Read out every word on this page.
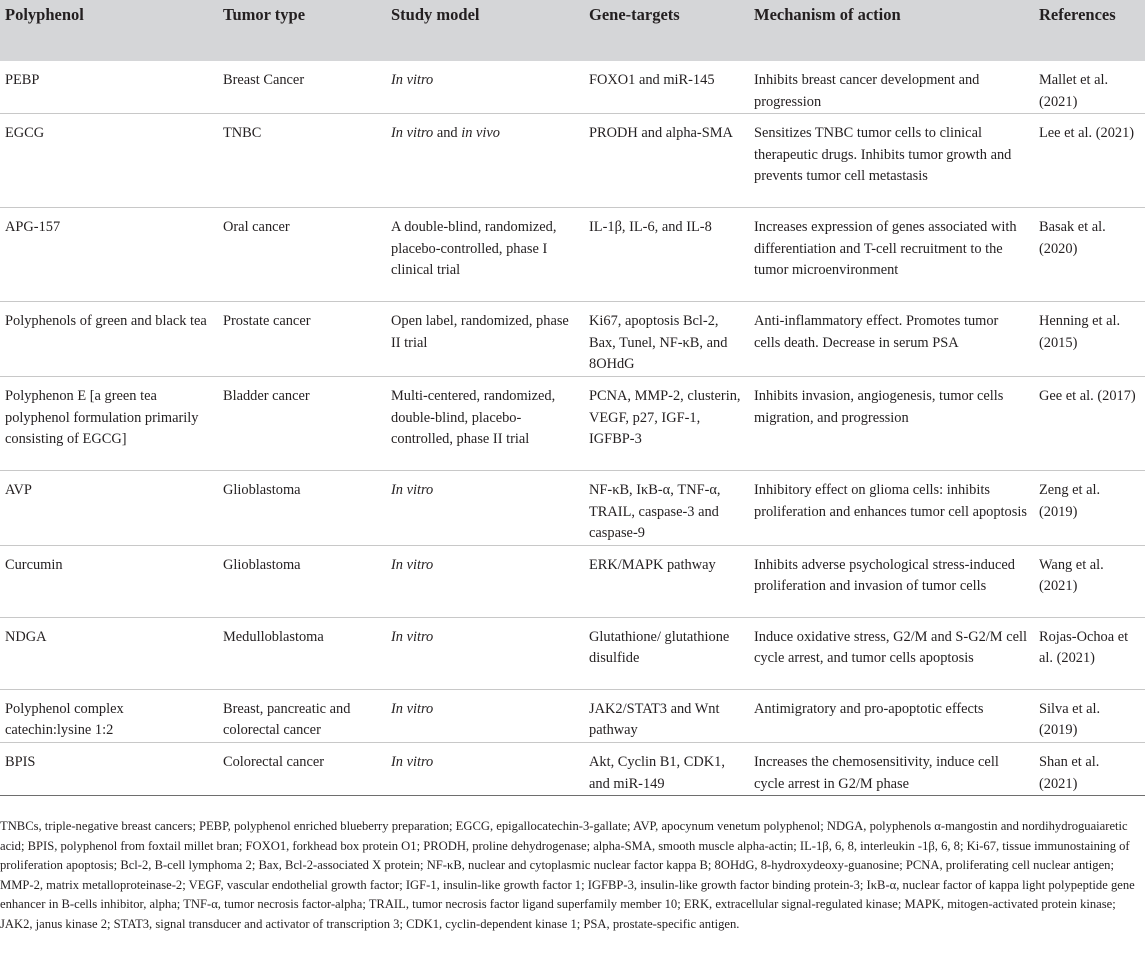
Polyphenol	Tumor type	Study model	Gene-targets	Mechanism of action	References
PEBP	Breast Cancer	In vitro	FOXO1 and miR-145	Inhibits breast cancer development and progression	Mallet et al. (2021)
EGCG	TNBC	In vitro and in vivo	PRODH and alpha-SMA	Sensitizes TNBC tumor cells to clinical therapeutic drugs. Inhibits tumor growth and prevents tumor cell metastasis	Lee et al. (2021)
APG-157	Oral cancer	A double-blind, randomized, placebo-controlled, phase I clinical trial	IL-1β, IL-6, and IL-8	Increases expression of genes associated with differentiation and T-cell recruitment to the tumor microenvironment	Basak et al. (2020)
Polyphenols of green and black tea	Prostate cancer	Open label, randomized, phase II trial	Ki67, apoptosis Bcl-2, Bax, Tunel, NF-κB, and 8OHdG	Anti-inflammatory effect. Promotes tumor cells death. Decrease in serum PSA	Henning et al. (2015)
Polyphenon E [a green tea polyphenol formulation primarily consisting of EGCG]	Bladder cancer	Multi-centered, randomized, double-blind, placebo-controlled, phase II trial	PCNA, MMP-2, clusterin, VEGF, p27, IGF-1, IGFBP-3	Inhibits invasion, angiogenesis, tumor cells migration, and progression	Gee et al. (2017)
AVP	Glioblastoma	In vitro	NF-κB, IκB-α, TNF-α, TRAIL, caspase-3 and caspase-9	Inhibitory effect on glioma cells: inhibits proliferation and enhances tumor cell apoptosis	Zeng et al. (2019)
Curcumin	Glioblastoma	In vitro	ERK/MAPK pathway	Inhibits adverse psychological stress-induced proliferation and invasion of tumor cells	Wang et al. (2021)
NDGA	Medulloblastoma	In vitro	Glutathione/ glutathione disulfide	Induce oxidative stress, G2/M and S-G2/M cell cycle arrest, and tumor cells apoptosis	Rojas-Ochoa et al. (2021)
Polyphenol complex catechin:lysine 1:2	Breast, pancreatic and colorectal cancer	In vitro	JAK2/STAT3 and Wnt pathway	Antimigratory and pro-apoptotic effects	Silva et al. (2019)
BPIS	Colorectal cancer	In vitro	Akt, Cyclin B1, CDK1, and miR-149	Increases the chemosensitivity, induce cell cycle arrest in G2/M phase	Shan et al. (2021)
TNBCs, triple-negative breast cancers; PEBP, polyphenol enriched blueberry preparation; EGCG, epigallocatechin-3-gallate; AVP, apocynum venetum polyphenol; NDGA, polyphenols α-mangostin and nordihydroguaiaretic acid; BPIS, polyphenol from foxtail millet bran; FOXO1, forkhead box protein O1; PRODH, proline dehydrogenase; alpha-SMA, smooth muscle alpha-actin; IL-1β, 6, 8, interleukin -1β, 6, 8; Ki-67, tissue immunostaining of proliferation apoptosis; Bcl-2, B-cell lymphoma 2; Bax, Bcl-2-associated X protein; NF-κB, nuclear and cytoplasmic nuclear factor kappa B; 8OHdG, 8-hydroxydeoxy-guanosine; PCNA, proliferating cell nuclear antigen; MMP-2, matrix metalloproteinase-2; VEGF, vascular endothelial growth factor; IGF-1, insulin-like growth factor 1; IGFBP-3, insulin-like growth factor binding protein-3; IκB-α, nuclear factor of kappa light polypeptide gene enhancer in B-cells inhibitor, alpha; TNF-α, tumor necrosis factor-alpha; TRAIL, tumor necrosis factor ligand superfamily member 10; ERK, extracellular signal-regulated kinase; MAPK, mitogen-activated protein kinase; JAK2, janus kinase 2; STAT3, signal transducer and activator of transcription 3; CDK1, cyclin-dependent kinase 1; PSA, prostate-specific antigen.
